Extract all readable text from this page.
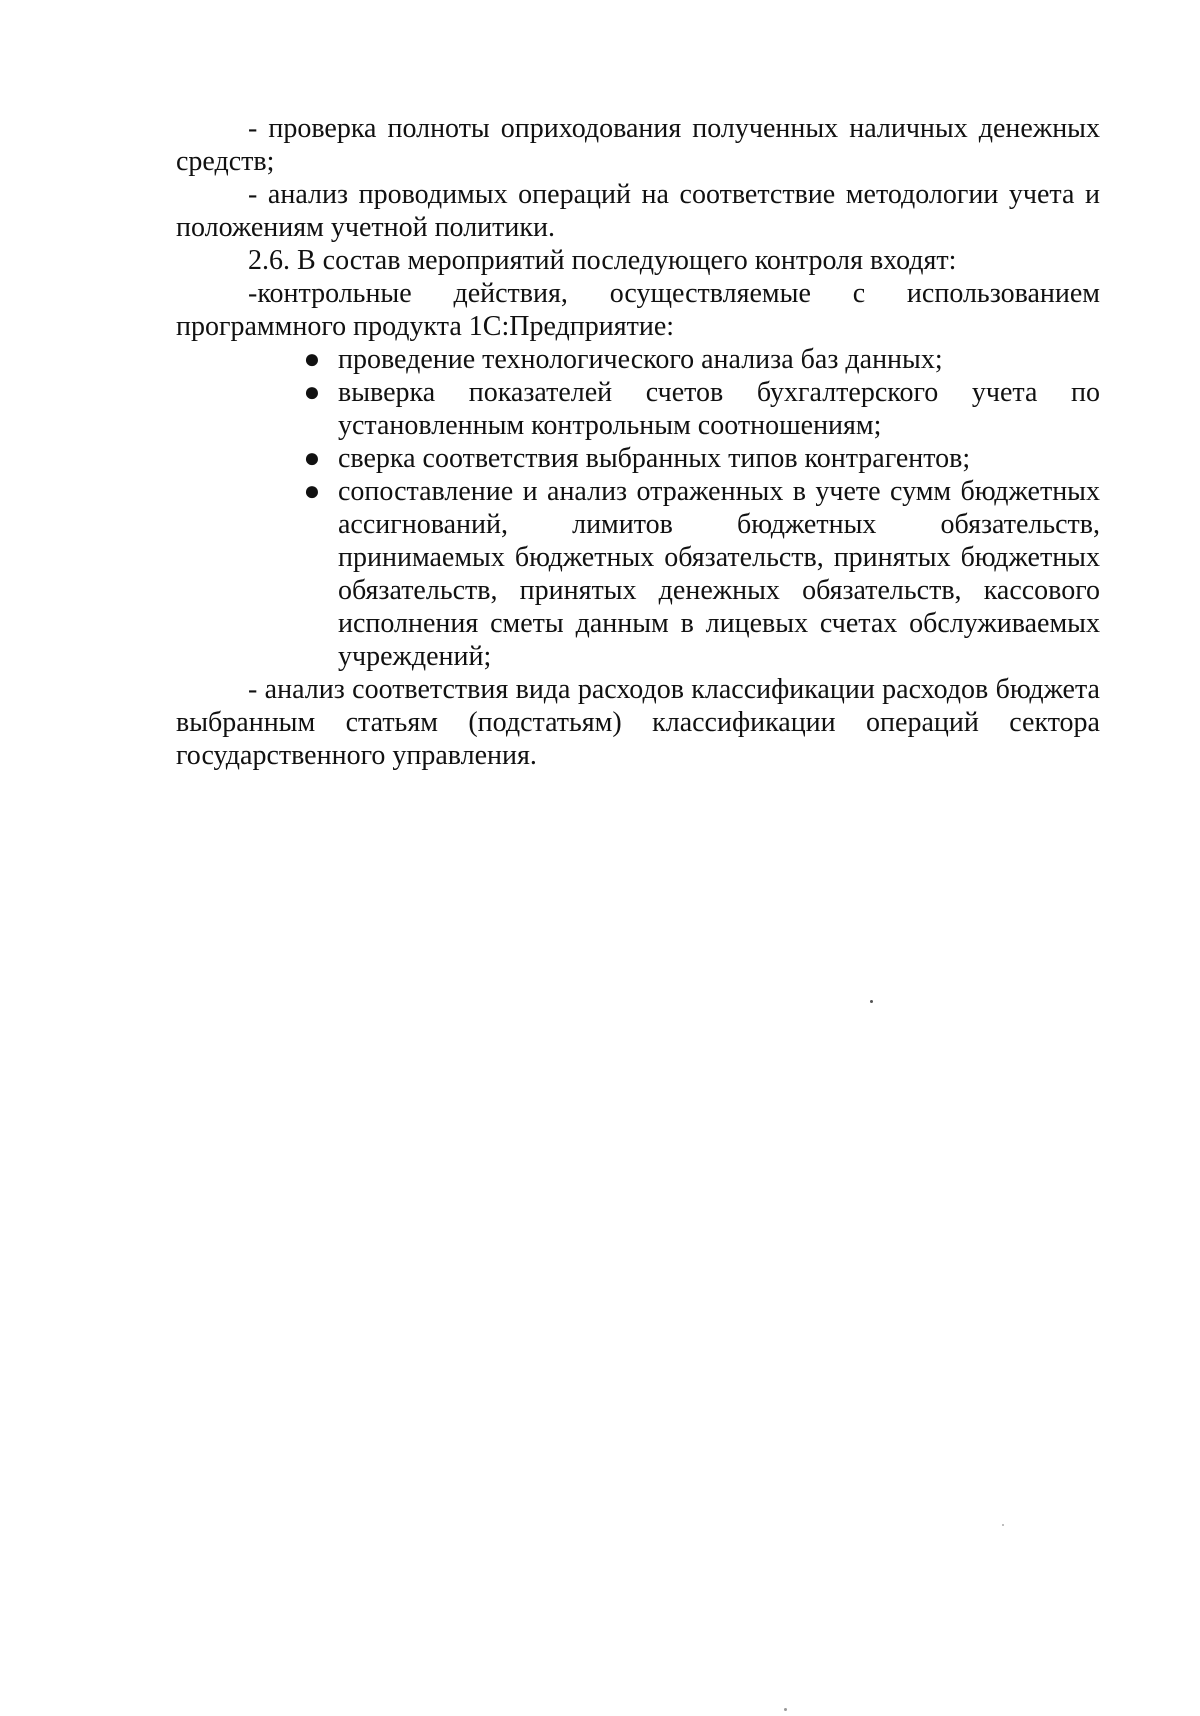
- проверка полноты оприходования полученных наличных денежных средств;

- анализ проводимых операций на соответствие методологии учета и положениям учетной политики.

2.6. В состав мероприятий последующего контроля входят:

-контрольные действия, осуществляемые с использованием программного продукта 1С:Предприятие:

● проведение технологического анализа баз данных;
● выверка показателей счетов бухгалтерского учета по установленным контрольным соотношениям;
● сверка соответствия выбранных типов контрагентов;
● сопоставление и анализ отраженных в учете сумм бюджетных ассигнований, лимитов бюджетных обязательств, принимаемых бюджетных обязательств, принятых бюджетных обязательств, принятых денежных обязательств, кассового исполнения сметы данным в лицевых счетах обслуживаемых учреждений;

- анализ соответствия вида расходов классификации расходов бюджета выбранным статьям (подстатьям) классификации операций сектора государственного управления.
